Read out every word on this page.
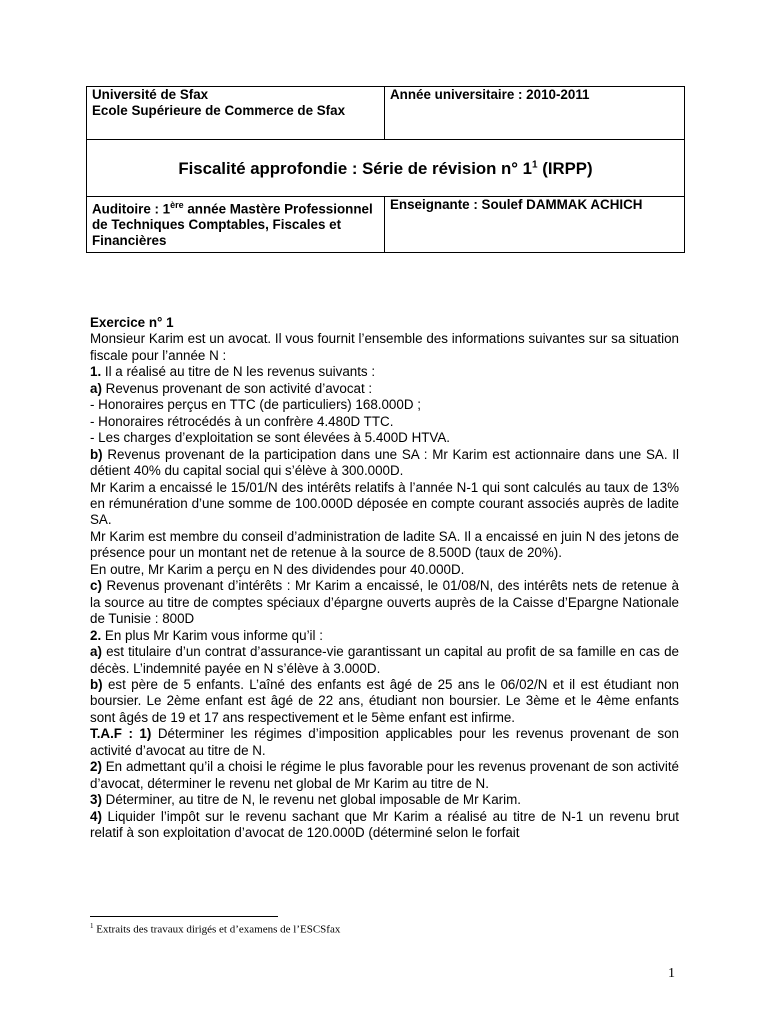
Université de Sfax
Ecole Supérieure de Commerce de Sfax	Année universitaire : 2010-2011

Fiscalité approfondie : Série de révision n° $1^1$ (IRPP)	
Auditoire : 1ère année Mastère Professionnel de Techniques Comptables, Fiscales et Financières	Enseignante : Soulef DAMMAK ACHICH

Exercice n° 1

Monsieur Karim est un avocat. Il vous fournit l’ensemble des informations suivantes sur sa situation fiscale pour l’année N :

1. Il a réalisé au titre de N les revenus suivants :

a) Revenus provenant de son activité d’avocat :

- Honoraires perçus en TTC (de particuliers) 168.000D ;

- Honoraires rétrocédés à un confrère 4.480D TTC.

- Les charges d’exploitation se sont élevées à 5.400D HTVA.

b) Revenus provenant de la participation dans une SA : Mr Karim est actionnaire dans une SA. Il détient 40% du capital social qui s’élève à 300.000D.

Mr Karim a encaissé le 15/01/N des intérêts relatifs à l’année N-1 qui sont calculés au taux de 13% en rémunération d’une somme de 100.000D déposée en compte courant associés auprès de ladite SA.

Mr Karim est membre du conseil d’administration de ladite SA. Il a encaissé en juin N des jetons de présence pour un montant net de retenue à la source de 8.500D (taux de 20%).

En outre, Mr Karim a perçu en N des dividendes pour 40.000D.

c) Revenus provenant d’intérêts : Mr Karim a encaissé, le 01/08/N, des intérêts nets de retenue à la source au titre de comptes spéciaux d’épargne ouverts auprès de la Caisse d’Epargne Nationale de Tunisie : 800D

2. En plus Mr Karim vous informe qu’il :

a) est titulaire d’un contrat d’assurance-vie garantissant un capital au profit de sa famille en cas de décès. L’indemnité payée en N s’élève à 3.000D.

b) est père de 5 enfants. L’aîné des enfants est âgé de 25 ans le 06/02/N et il est étudiant non boursier. Le 2ème enfant est âgé de 22 ans, étudiant non boursier. Le 3ème et le 4ème enfants sont âgés de 19 et 17 ans respectivement et le 5ème enfant est infirme.

T.A.F : 1) Déterminer les régimes d’imposition applicables pour les revenus provenant de son activité d’avocat au titre de N.

2) En admettant qu’il a choisi le régime le plus favorable pour les revenus provenant de son activité d’avocat, déterminer le revenu net global de Mr Karim au titre de N.

3) Déterminer, au titre de N, le revenu net global imposable de Mr Karim.

4) Liquider l’impôt sur le revenu sachant que Mr Karim a réalisé au titre de N-1 un revenu brut relatif à son exploitation d’avocat de 120.000D (déterminé selon le forfait

$^1$ Extraits des travaux dirigés et d’examens de l’ESCSfax
1
